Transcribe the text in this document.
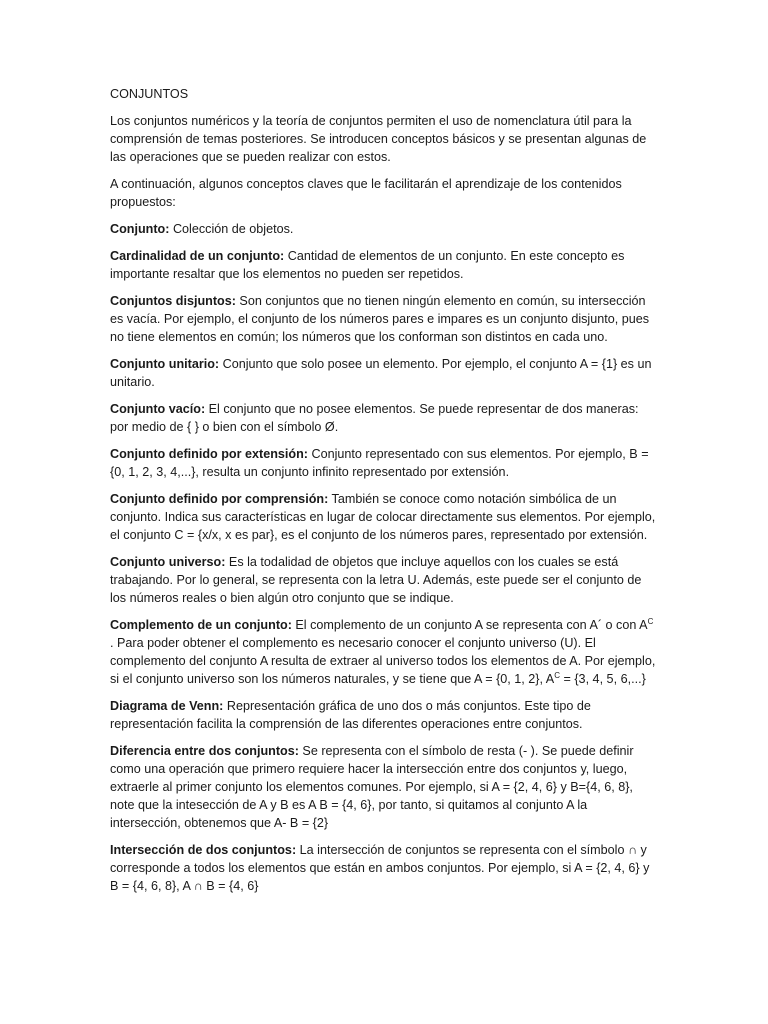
CONJUNTOS

Los conjuntos numéricos y la teoría de conjuntos permiten el uso de nomenclatura útil para la comprensión de temas posteriores. Se introducen conceptos básicos y se presentan algunas de las operaciones que se pueden realizar con estos.

A continuación, algunos conceptos claves que le facilitarán el aprendizaje de los contenidos propuestos:

Conjunto: Colección de objetos.

Cardinalidad de un conjunto: Cantidad de elementos de un conjunto. En este concepto es importante resaltar que los elementos no pueden ser repetidos.

Conjuntos disjuntos: Son conjuntos que no tienen ningún elemento en común, su intersección es vacía. Por ejemplo, el conjunto de los números pares e impares es un conjunto disjunto, pues no tiene elementos en común; los números que los conforman son distintos en cada uno.

Conjunto unitario: Conjunto que solo posee un elemento. Por ejemplo, el conjunto A = {1} es un unitario.

Conjunto vacío: El conjunto que no posee elementos. Se puede representar de dos maneras: por medio de { } o bien con el símbolo Ø.

Conjunto definido por extensión: Conjunto representado con sus elementos. Por ejemplo, B = {0, 1, 2, 3, 4,...}, resulta un conjunto infinito representado por extensión.

Conjunto definido por comprensión: También se conoce como notación simbólica de un conjunto. Indica sus características en lugar de colocar directamente sus elementos. Por ejemplo, el conjunto C = {x/x, x es par}, es el conjunto de los números pares, representado por extensión.

Conjunto universo: Es la todalidad de objetos que incluye aquellos con los cuales se está trabajando. Por lo general, se representa con la letra U. Además, este puede ser el conjunto de los números reales o bien algún otro conjunto que se indique.

Complemento de un conjunto: El complemento de un conjunto A se representa con A´ o con $A^C$ . Para poder obtener el complemento es necesario conocer el conjunto universo (U). El complemento del conjunto A resulta de extraer al universo todos los elementos de A. Por ejemplo, si el conjunto universo son los números naturales, y se tiene que A = {0, 1, 2}, $A^C = \{3$, 4, 5, 6,...}

Diagrama de Venn: Representación gráfica de uno dos o más conjuntos. Este tipo de representación facilita la comprensión de las diferentes operaciones entre conjuntos.

Diferencia entre dos conjuntos: Se representa con el símbolo de resta (- ). Se puede definir como una operación que primero requiere hacer la intersección entre dos conjuntos y, luego, extraerle al primer conjunto los elementos comunes. Por ejemplo, si A = {2, 4, 6} y B={4, 6, 8}, note que la intesección de A y B es A B = {4, 6}, por tanto, si quitamos al conjunto A la intersección, obtenemos que A- B = {2}

Intersección de dos conjuntos: La intersección de conjuntos se representa con el símbolo ∩ y corresponde a todos los elementos que están en ambos conjuntos. Por ejemplo, si A = {2, 4, 6} y B = {4, 6, 8}, A ∩ B = {4, 6}
